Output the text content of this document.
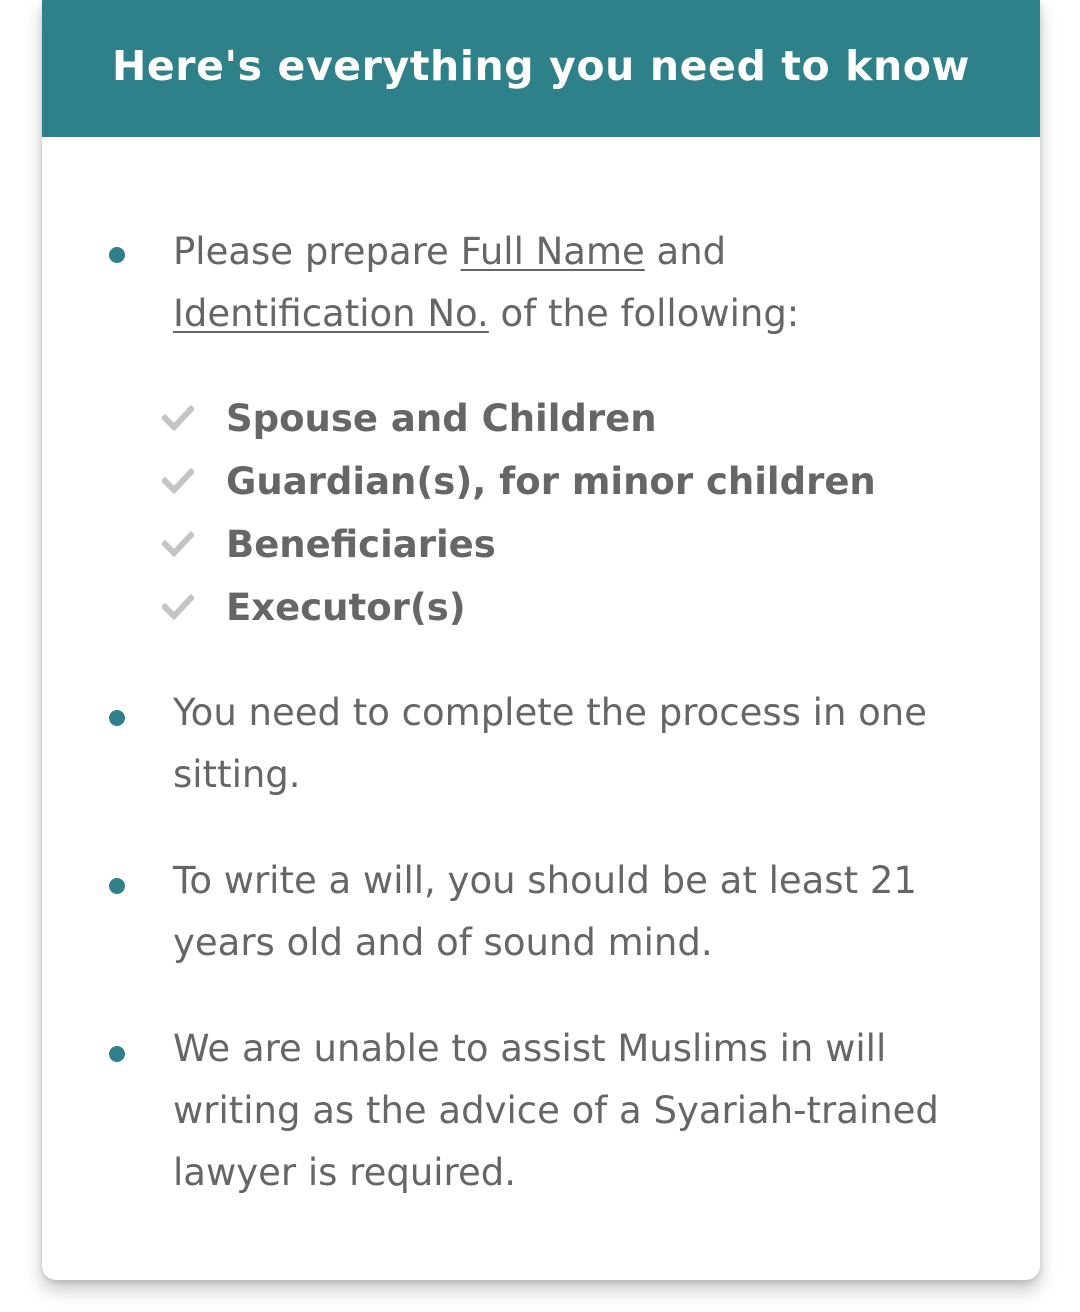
Here's everything you need to know
Please prepare Full Name and
Identification No. of the following:
Spouse and Children
Guardian(s), for minor children
Beneficiaries
Executor(s)
You need to complete the process in one sitting.
To write a will, you should be at least 21 years old and of sound mind.
We are unable to assist Muslims in will writing as the advice of a Syariah-trained lawyer is required.
